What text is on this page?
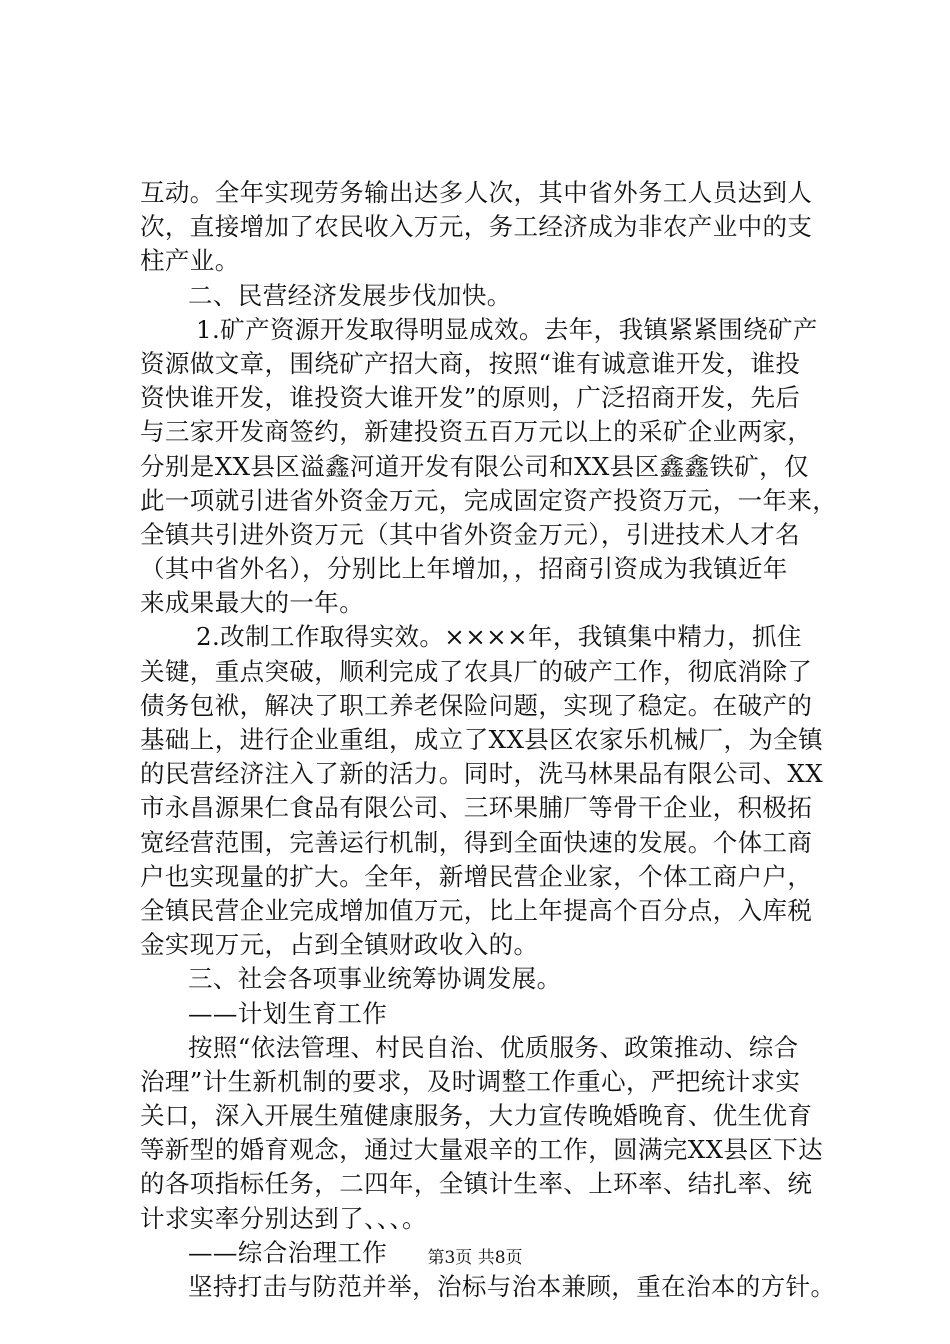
互动。全年实现劳务输出达多人次，其中省外务工人员达到人
次，直接增加了农民收入万元，务工经济成为非农产业中的支
柱产业。
二、民营经济发展步伐加快。
1.矿产资源开发取得明显成效。去年，我镇紧紧围绕矿产
资源做文章，围绕矿产招大商，按照“谁有诚意谁开发，谁投
资快谁开发，谁投资大谁开发”的原则，广泛招商开发，先后
与三家开发商签约，新建投资五百万元以上的采矿企业两家，
分别是XX县区溢鑫河道开发有限公司和XX县区鑫鑫铁矿，仅
此一项就引进省外资金万元，完成固定资产投资万元，一年来，
全镇共引进外资万元（其中省外资金万元），引进技术人才名
（其中省外名），分别比上年增加，，招商引资成为我镇近年
来成果最大的一年。
2.改制工作取得实效。××××年，我镇集中精力，抓住
关键，重点突破，顺利完成了农具厂的破产工作，彻底消除了
债务包袱，解决了职工养老保险问题，实现了稳定。在破产的
基础上，进行企业重组，成立了XX县区农家乐机械厂，为全镇
的民营经济注入了新的活力。同时，洗马林果品有限公司、XX
市永昌源果仁食品有限公司、三环果脯厂等骨干企业，积极拓
宽经营范围，完善运行机制，得到全面快速的发展。个体工商
户也实现量的扩大。全年，新增民营企业家，个体工商户户，
全镇民营企业完成增加值万元，比上年提高个百分点，入库税
金实现万元，占到全镇财政收入的。
三、社会各项事业统筹协调发展。
——计划生育工作
按照“依法管理、村民自治、优质服务、政策推动、综合
治理”计生新机制的要求，及时调整工作重心，严把统计求实
关口，深入开展生殖健康服务，大力宣传晚婚晚育、优生优育
等新型的婚育观念，通过大量艰辛的工作，圆满完XX县区下达
的各项指标任务，二四年，全镇计生率、上环率、结扎率、统
计求实率分别达到了、、、。
——综合治理工作
坚持打击与防范并举，治标与治本兼顾，重在治本的方针。
第3页 共8页
